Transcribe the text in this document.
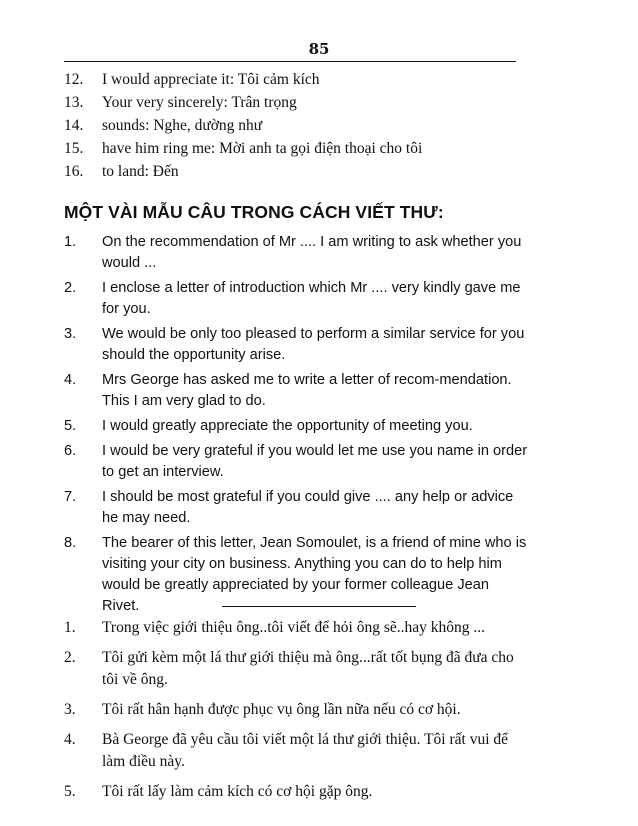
85
12.	I would appreciate it: Tôi cảm kích
13.	Your very sincerely: Trân trọng
14.	sounds: Nghe, dường như
15.	have him ring me: Mời anh ta gọi điện thoại cho tôi
16.	to land: Đến
MỘT VÀI MẪU CÂU TRONG CÁCH VIẾT THƯ:
1.	On the recommendation of Mr .... I am writing to ask whether you would ...
2.	I enclose a letter of introduction which Mr .... very kindly gave me for you.
3.	We would be only too pleased to perform a similar service for you should the opportunity arise.
4.	Mrs George has asked me to write a letter of recom-mendation. This I am very glad to do.
5.	I would greatly appreciate the opportunity of meeting you.
6.	I would be very grateful if you would let me use you name in order to get an interview.
7.	I should be most grateful if you could give .... any help or advice he may need.
8.	The bearer of this letter, Jean Somoulet, is a friend of mine who is visiting your city on business. Anything you can do to help him would be greatly appreciated by your former colleague Jean Rivet.
1.	Trong việc giới thiệu ông..tôi viết để hỏi ông sẽ..hay không ...
2.	Tôi gửi kèm một lá thư giới thiệu mà ông...rất tốt bụng đã đưa cho tôi về ông.
3.	Tôi rất hân hạnh được phục vụ ông lần nữa nếu có cơ hội.
4.	Bà George đã yêu cầu tôi viết một lá thư giới thiệu. Tôi rất vui để làm điều này.
5.	Tôi rất lấy làm cảm kích có cơ hội gặp ông.
